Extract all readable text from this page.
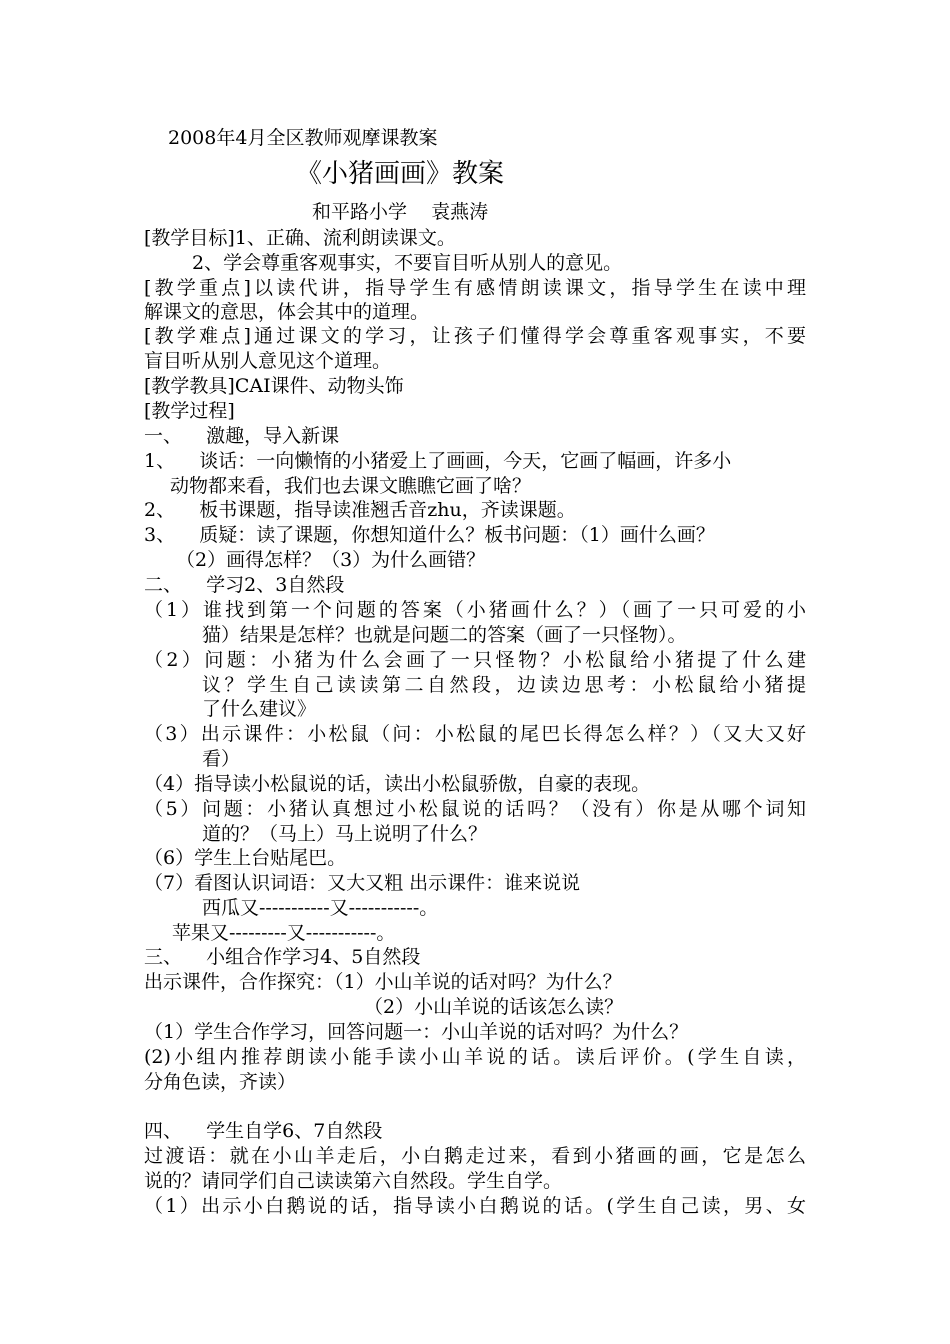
2008年4月全区教师观摩课教案
《小猪画画》教案
和平路小学    袁燕涛
[教学目标]1、正确、流利朗读课文。
2、学会尊重客观事实，不要盲目听从别人的意见。
[教学重点]以读代讲，指导学生有感情朗读课文，指导学生在读中理
解课文的意思，体会其中的道理。
[教学难点]通过课文的学习，让孩子们懂得学会尊重客观事实，不要
盲目听从别人意见这个道理。
[教学教具]CAI课件、动物头饰
[教学过程]
一、    激趣，导入新课
1、    谈话：一向懒惰的小猪爱上了画画，今天，它画了幅画，许多小
动物都来看，我们也去课文瞧瞧它画了啥？
2、    板书课题，指导读准翘舌音zhu，齐读课题。
3、    质疑：读了课题，你想知道什么？板书问题：（1）画什么画？
（2）画得怎样？（3）为什么画错？
二、    学习2、3自然段
（1）谁找到第一个问题的答案（小猪画什么？）（画了一只可爱的小
猫）结果是怎样？也就是问题二的答案（画了一只怪物）。
（2）问题：小猪为什么会画了一只怪物？小松鼠给小猪提了什么建
议？学生自己读读第二自然段，边读边思考：小松鼠给小猪提
了什么建议》
（3）出示课件：小松鼠（问：小松鼠的尾巴长得怎么样？）（又大又好
看）
（4）指导读小松鼠说的话，读出小松鼠骄傲，自豪的表现。
（5）问题：小猪认真想过小松鼠说的话吗？（没有）你是从哪个词知
道的？（马上）马上说明了什么？
（6）学生上台贴尾巴。
（7）看图认识词语：又大又粗 出示课件：谁来说说
西瓜又-----------又-----------。
苹果又---------又-----------。
三、    小组合作学习4、5自然段
出示课件，合作探究：（1）小山羊说的话对吗？为什么？
（2）小山羊说的话该怎么读？
（1）学生合作学习，回答问题一：小山羊说的话对吗？为什么？
(2)小组内推荐朗读小能手读小山羊说的话。读后评价。(学生自读，
分角色读，齐读）
四、    学生自学6、7自然段
过渡语：就在小山羊走后，小白鹅走过来，看到小猪画的画，它是怎么
说的？请同学们自己读读第六自然段。学生自学。
（1）出示小白鹅说的话，指导读小白鹅说的话。(学生自己读，男、女
